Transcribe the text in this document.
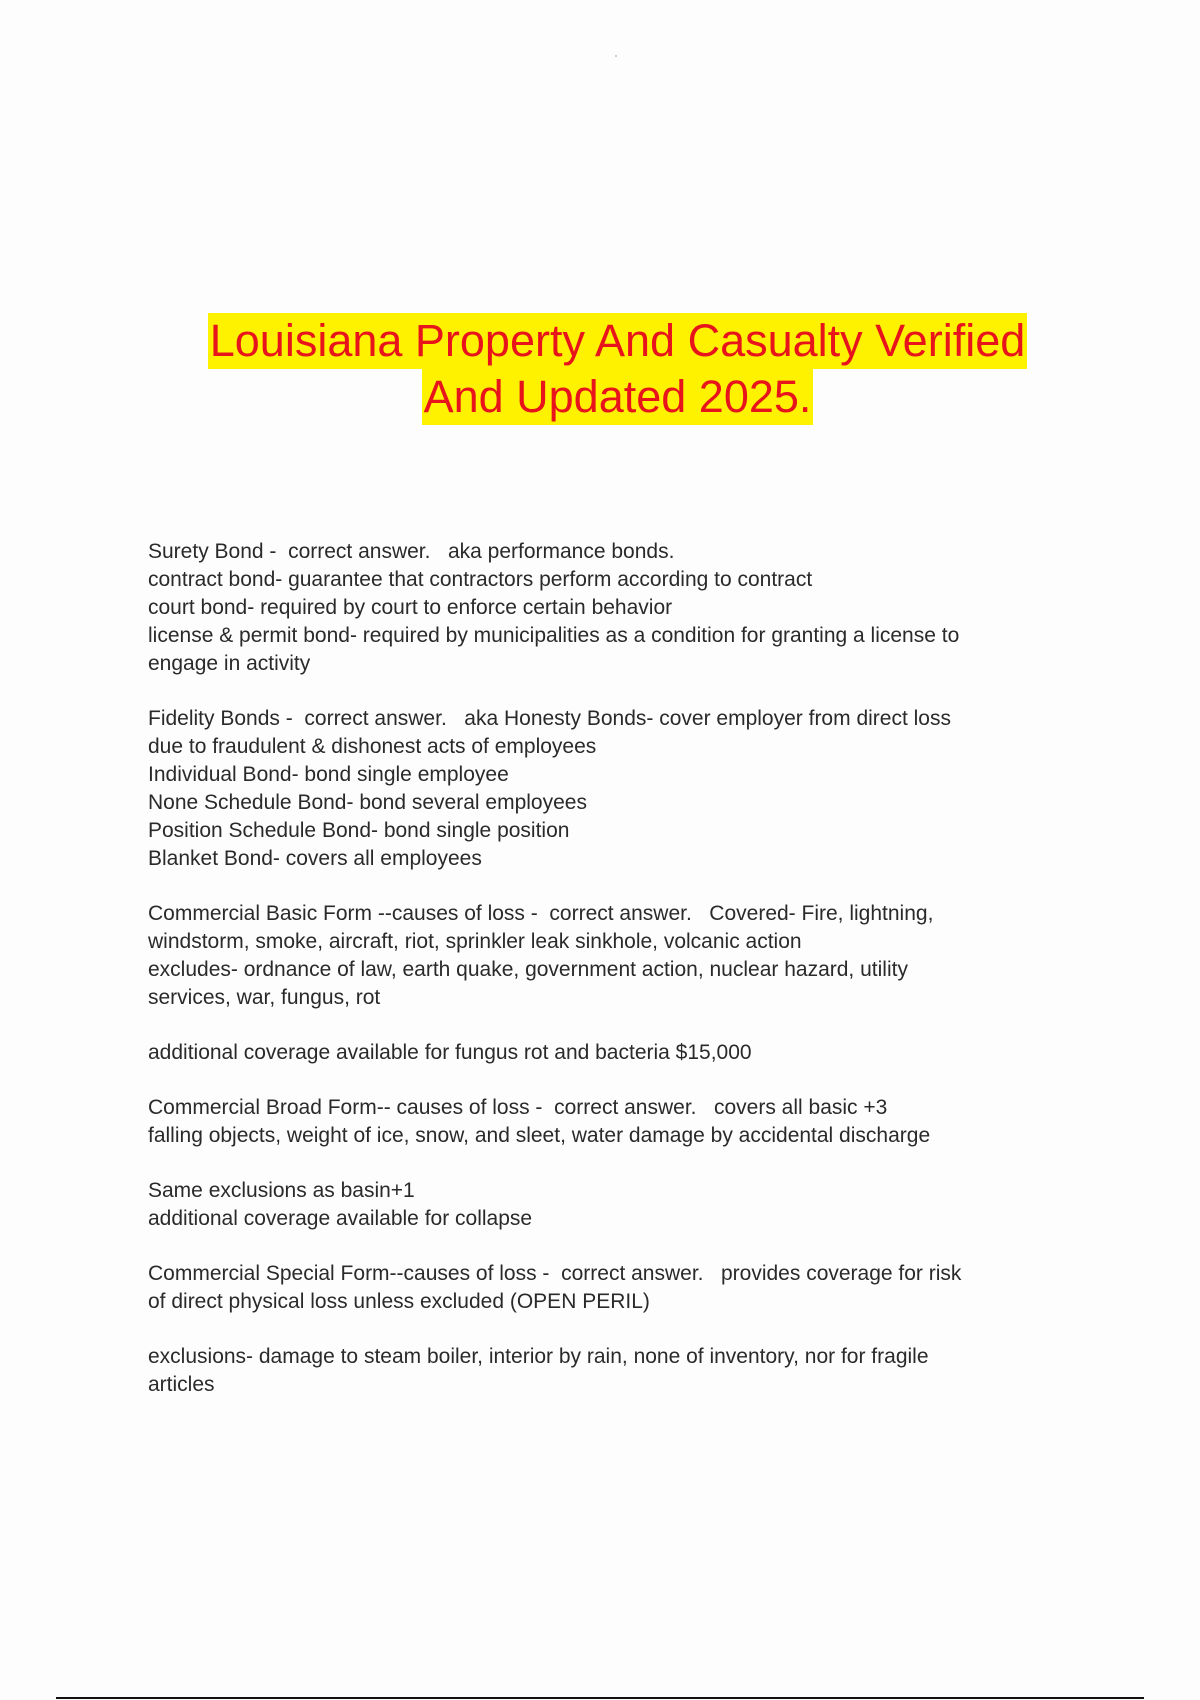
Louisiana Property And Casualty Verified
And Updated 2025.
Surety Bond -  correct answer.   aka performance bonds.
contract bond- guarantee that contractors perform according to contract
court bond- required by court to enforce certain behavior
license & permit bond- required by municipalities as a condition for granting a license to
engage in activity
Fidelity Bonds -  correct answer.   aka Honesty Bonds- cover employer from direct loss
due to fraudulent & dishonest acts of employees
Individual Bond- bond single employee
None Schedule Bond- bond several employees
Position Schedule Bond- bond single position
Blanket Bond- covers all employees
Commercial Basic Form --causes of loss -  correct answer.   Covered- Fire, lightning,
windstorm, smoke, aircraft, riot, sprinkler leak sinkhole, volcanic action
excludes- ordnance of law, earth quake, government action, nuclear hazard, utility
services, war, fungus, rot
additional coverage available for fungus rot and bacteria $15,000
Commercial Broad Form-- causes of loss -  correct answer.   covers all basic +3
falling objects, weight of ice, snow, and sleet, water damage by accidental discharge
Same exclusions as basin+1
additional coverage available for collapse
Commercial Special Form--causes of loss -  correct answer.   provides coverage for risk
of direct physical loss unless excluded (OPEN PERIL)
exclusions- damage to steam boiler, interior by rain, none of inventory, nor for fragile
articles
